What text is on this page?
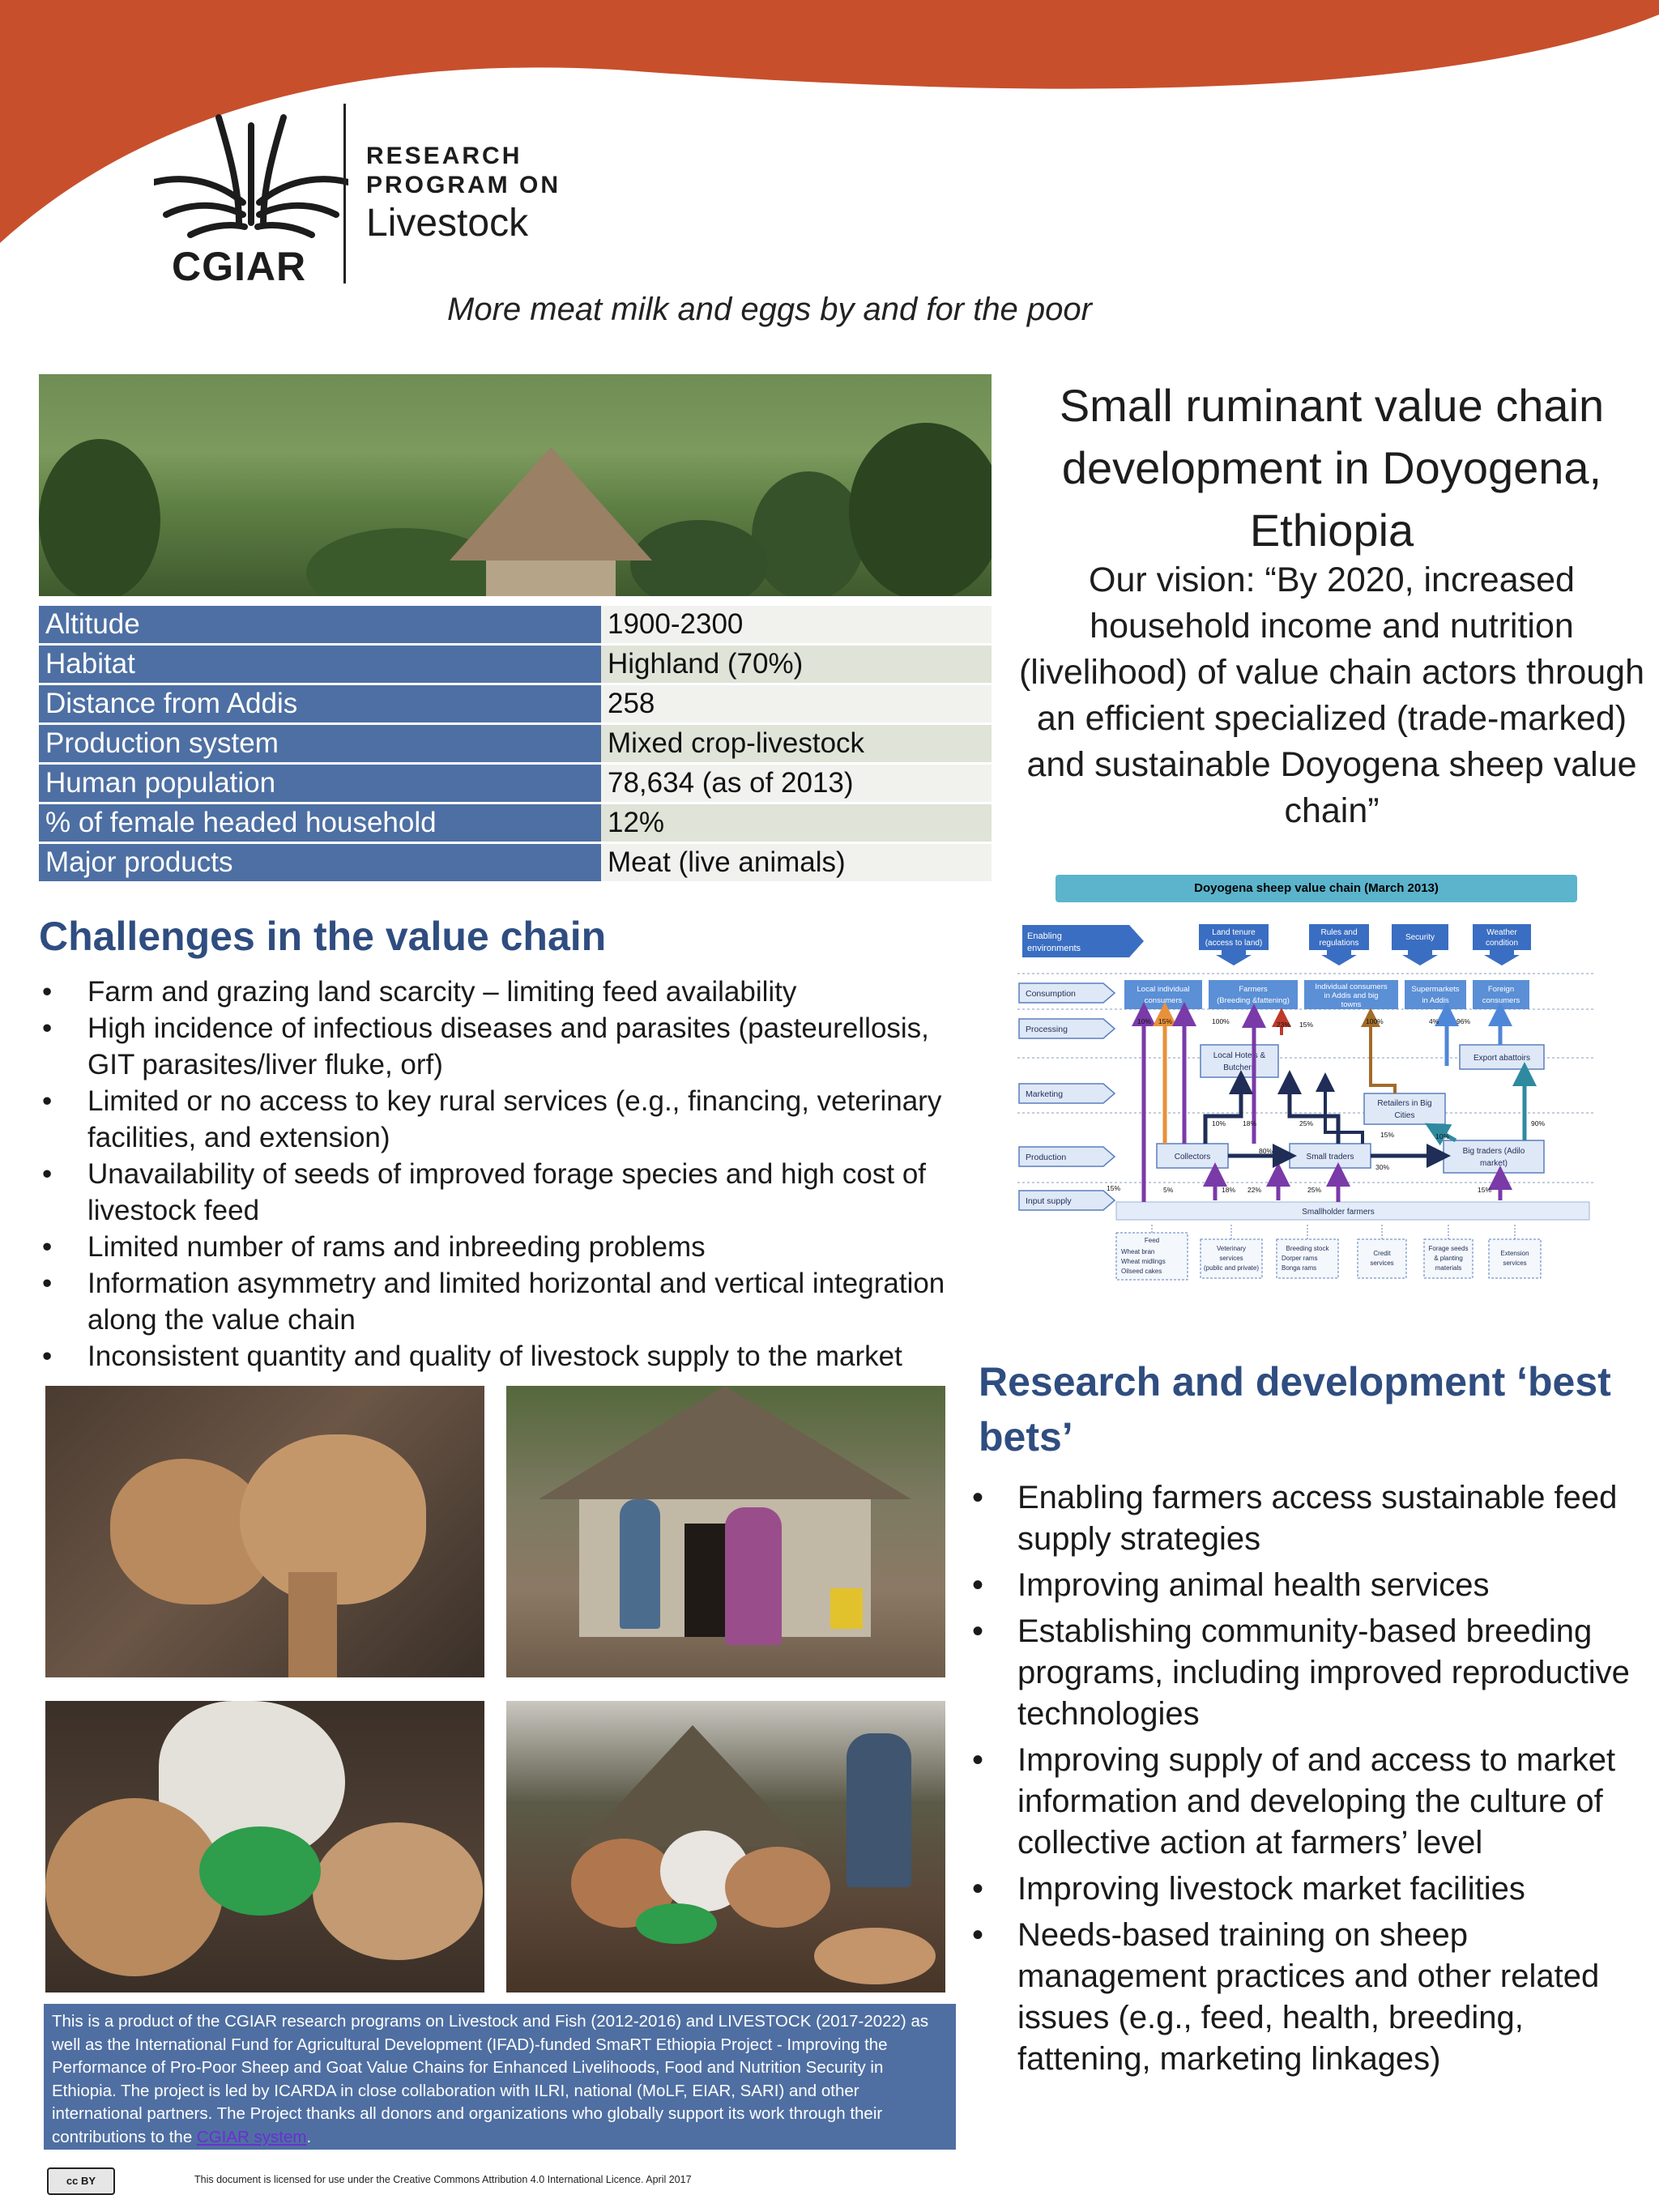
CGIAR
RESEARCH
PROGRAM ON
Livestock
More meat milk and eggs by and for the poor
Altitude	1900-2300
Habitat	Highland (70%)
Distance from Addis	258
Production system	Mixed crop-livestock
Human population	78,634 (as of 2013)
% of female headed household	12%
Major products	Meat (live animals)
Small ruminant value chain development in Doyogena, Ethiopia
Our vision: “By 2020, increased household income and nutrition (livelihood) of value chain actors through an efficient specialized (trade-marked) and sustainable Doyogena sheep value chain”
Challenges in the value chain
• Farm and grazing land scarcity – limiting feed availability
• High incidence of infectious diseases and parasites (pasteurellosis, GIT parasites/liver fluke, orf)
• Limited or no access to key rural services (e.g., financing, veterinary facilities, and extension)
• Unavailability of seeds of improved forage species and high cost of livestock feed
• Limited number of rams and inbreeding problems
• Information asymmetry and limited horizontal and vertical integration along the value chain
• Inconsistent quantity and quality of livestock supply to the market
Doyogena sheep value chain (March 2013)
Enabling
environments
Land tenure
(access to land)
Rules and
regulations
Security
Weather
condition
Consumption
Processing
Marketing
Production
Input supply
Local individual
consumers
Farmers
(Breeding &fattening)
Individual consumers
in Addis and big
towns
Supermarkets
in Addis
Foreign
consumers
Local Hotels &
Butchers
Export abattoirs
Retailers in Big
Cities
Collectors	Small traders
Big traders (Adilo
market)
Smallholder farmers
10% 15%	100%	23% 15%	100%	4%	96%
10% 18%	25%
15%	10%
90%
80%
30%
15%	5%	18% 22%	25%	15%
Feed
Wheat bran
Wheat midlings
Oilseed cakes
Veterinary
services
(public and private)
Breeding stock
Dorper rams
Bonga rams
Credit
services
Forage seeds
& planting
materials
Extension
services
Research and development ‘best bets’
• Enabling farmers access sustainable feed supply strategies
• Improving animal health services
• Establishing community-based breeding programs, including improved reproductive technologies
• Improving supply of and access to market information and developing the culture of collective action at farmers’ level
• Improving livestock market facilities
• Needs-based training on sheep management practices and other related issues (e.g., feed, health, breeding, fattening, marketing linkages)
This is a product of the CGIAR research programs on Livestock and Fish (2012-2016) and LIVESTOCK (2017-2022) as well as the International Fund for Agricultural Development (IFAD)-funded SmaRT Ethiopia Project - Improving the Performance of Pro-Poor Sheep and Goat Value Chains for Enhanced Livelihoods, Food and Nutrition Security in Ethiopia. The project is led by ICARDA in close collaboration with ILRI, national (MoLF, EIAR, SARI) and other international partners. The Project thanks all donors and organizations who globally support its work through their contributions to the CGIAR system.
cc BY	This document is licensed for use under the Creative Commons Attribution 4.0 International Licence. April 2017
